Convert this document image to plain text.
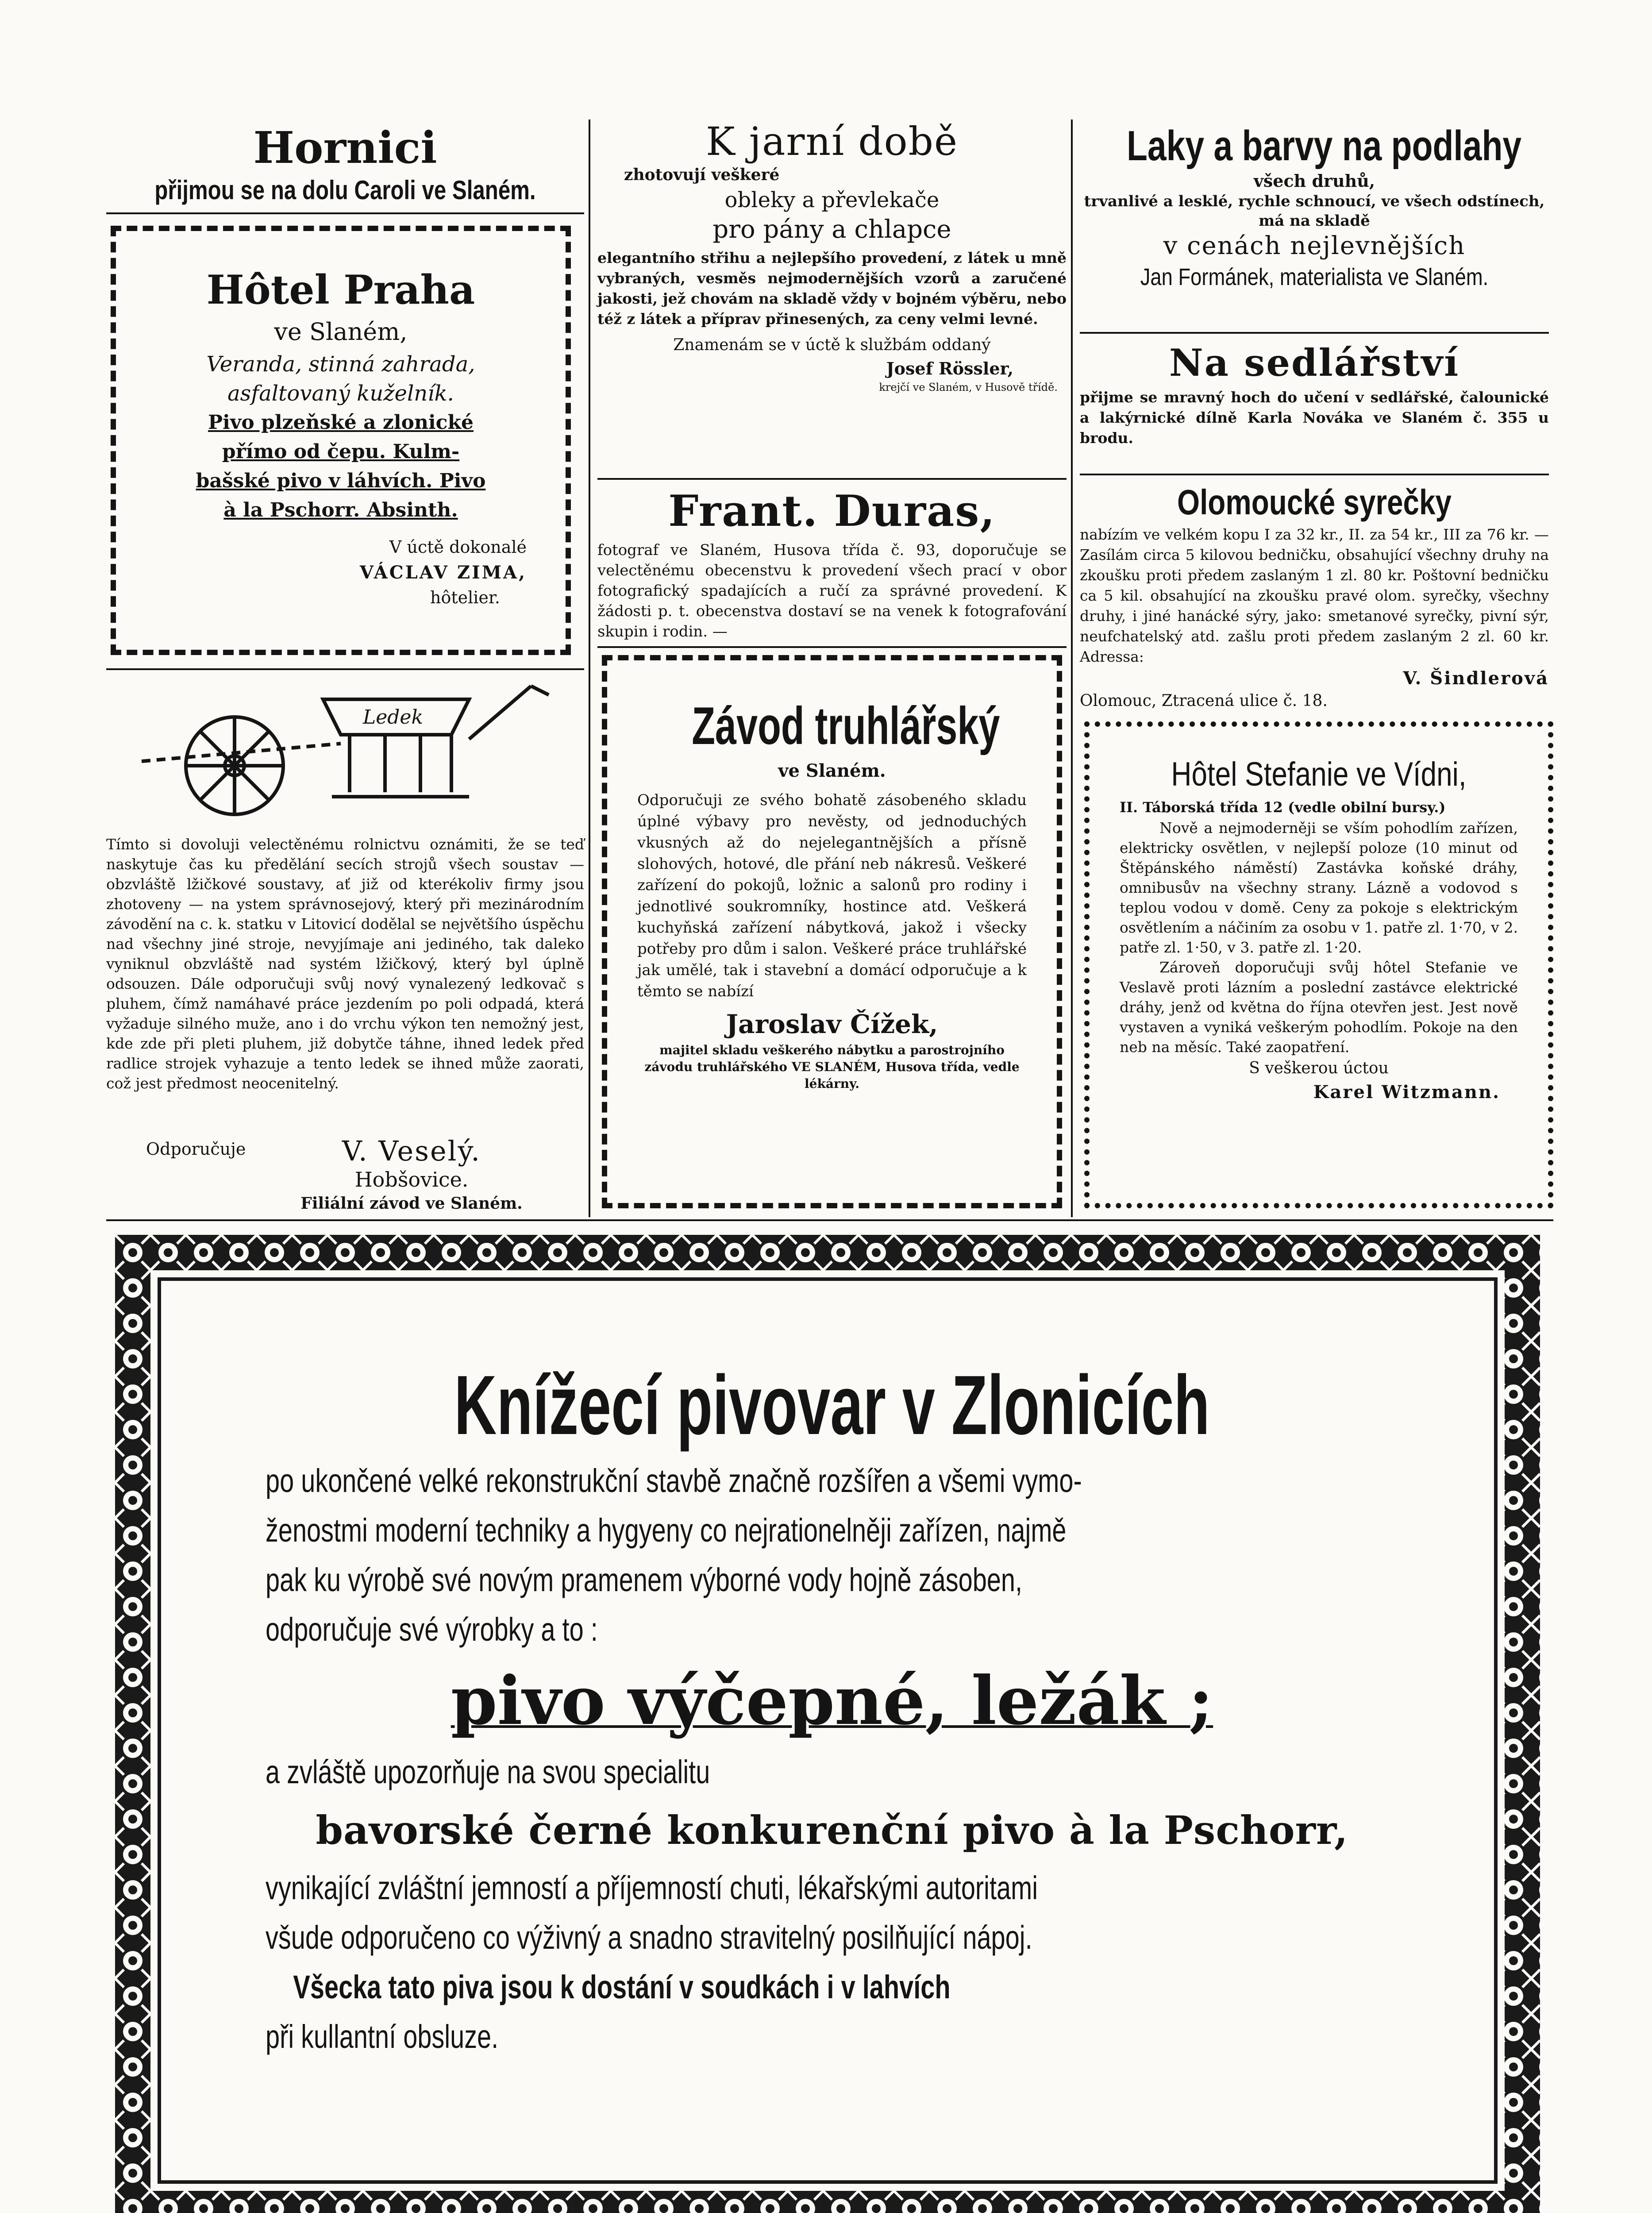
Hornici
přijmou se na dolu Caroli ve Slaném.
Hôtel Praha
ve Slaném,
Veranda, stinná zahrada,
asfaltovaný kuželník.
Pivo plzeňské a zlonické
přímo od čepu. Kulm-
bašské pivo v láhvích. Pivo
à la Pschorr. Absinth.
V úctě dokonalé
VÁCLAV ZIMA,
hôtelier.
Ledek
Tímto si dovoluji velectěnému rolnictvu oznámiti, že se teď naskytuje čas ku předělání secích strojů všech soustav — obzvláště lžičkové soustavy, ať již od kterékoliv firmy jsou zhotoveny — na ystem správnosejový, který při mezinárodním závodění na c. k. statku v Litovicí dodělal se největšího úspěchu nad všechny jiné stroje, nevyjímaje ani jediného, tak daleko vyniknul obzvláště nad systém lžičkový, který byl úplně odsouzen. Dále odporučuji svůj nový vynalezený ledkovač s pluhem, čímž namáhavé práce jezdením po poli odpadá, která vyžaduje silného muže, ano i do vrchu výkon ten nemožný jest, kde zde při pleti pluhem, již dobytče táhne, ihned ledek před radlice strojek vyhazuje a tento ledek se ihned může zaorati, což jest předmost neocenitelný.
Odporučuje	V. Veselý.
Hobšovice.
Filiální závod ve Slaném.
K jarní době
zhotovují veškeré
obleky a převlekače
pro pány a chlapce
elegantního střihu a nejlepšího provedení, z látek u mně vybraných, vesměs nejmodernějších vzorů a zaručené jakosti, jež chovám na skladě vždy v bojném výběru, nebo též z látek a příprav přinesených, za ceny velmi levné.
Znamenám se v úctě k službám oddaný
Josef Rössler,
krejčí ve Slaném, v Husově třídě.
Frant. Duras,
fotograf ve Slaném, Husova třída č. 93, doporučuje se velectěnému obecenstvu k provedení všech prací v obor fotografický spadajících a ručí za správné provedení. K žádosti p. t. obecenstva dostaví se na venek k fotografování skupin i rodin. —
Závod truhlářský
ve Slaném.
Odporučuji ze svého bohatě zásobeného skladu úplné výbavy pro nevěsty, od jednoduchých vkusných až do nejelegantnějších a přísně slohových, hotové, dle přání neb nákresů. Veškeré zařízení do pokojů, ložnic a salonů pro rodiny i jednotlivé soukromníky, hostince atd. Veškerá kuchyňská zařízení nábytková, jakož i všecky potřeby pro dům i salon. Veškeré práce truhlářské jak umělé, tak i stavební a domácí odporučuje a k těmto se nabízí
Jaroslav Čížek,
majitel skladu veškerého nábytku a parostrojního závodu truhlářského VE SLANÉM, Husova třída, vedle lékárny.
Laky a barvy na podlahy
všech druhů,
trvanlivé a lesklé, rychle schnoucí, ve všech odstínech, má na skladě
v cenách nejlevnějších
Jan Formánek, materialista ve Slaném.
Na sedlářství
přijme se mravný hoch do učení v sedlářské, čalounické a lakýrnické dílně Karla Nováka ve Slaném č. 355 u brodu.
Olomoucké syrečky
nabízím ve velkém kopu I za 32 kr., II. za 54 kr., III za 76 kr. — Zasílám circa 5 kilovou bedničku, obsahující všechny druhy na zkoušku proti předem zaslaným 1 zl. 80 kr. Poštovní bedničku ca 5 kil. obsahující na zkoušku pravé olom. syrečky, všechny druhy, i jiné hanácké sýry, jako: smetanové syrečky, pivní sýr, neufchatelský atd. zašlu proti předem zaslaným 2 zl. 60 kr. Adressa:
V. Šindlerová
Olomouc, Ztracená ulice č. 18.
Hôtel Stefanie ve Vídni,
II. Táborská třída 12 (vedle obilní bursy.)
Nově a nejmoderněji se vším pohodlím zařízen, elektricky osvětlen, v nejlepší poloze (10 minut od Štěpánského náměstí) Zastávka koňské dráhy, omnibusův na všechny strany. Lázně a vodovod s teplou vodou v domě. Ceny za pokoje s elektrickým osvětlením a náčiním za osobu v 1. patře zl. 1·70, v 2. patře zl. 1·50, v 3. patře zl. 1·20.
Zároveň doporučuji svůj hôtel Stefanie ve Veslavě proti lázním a poslední zastávce elektrické dráhy, jenž od května do října otevřen jest. Jest nově vystaven a vyniká veškerým pohodlím. Pokoje na den neb na měsíc. Také zaopatření.
S veškerou úctou
Karel Witzmann.
Knížecí pivovar v Zlonicích
po ukončené velké rekonstrukční stavbě značně rozšířen a všemi vymo-
ženostmi moderní techniky a hygyeny co nejrationelněji zařízen, najmě
pak ku výrobě své novým pramenem výborné vody hojně zásoben,
odporučuje své výrobky a to :
pivo výčepné, ležák ;
a zvláště upozorňuje na svou specialitu
bavorské černé konkurenční pivo à la Pschorr,
vynikající zvláštní jemností a příjemností chuti, lékařskými autoritami
všude odporučeno co výživný a snadno stravitelný posilňující nápoj.
Všecka tato piva jsou k dostání v soudkách i v lahvích
při kullantní obsluze.
